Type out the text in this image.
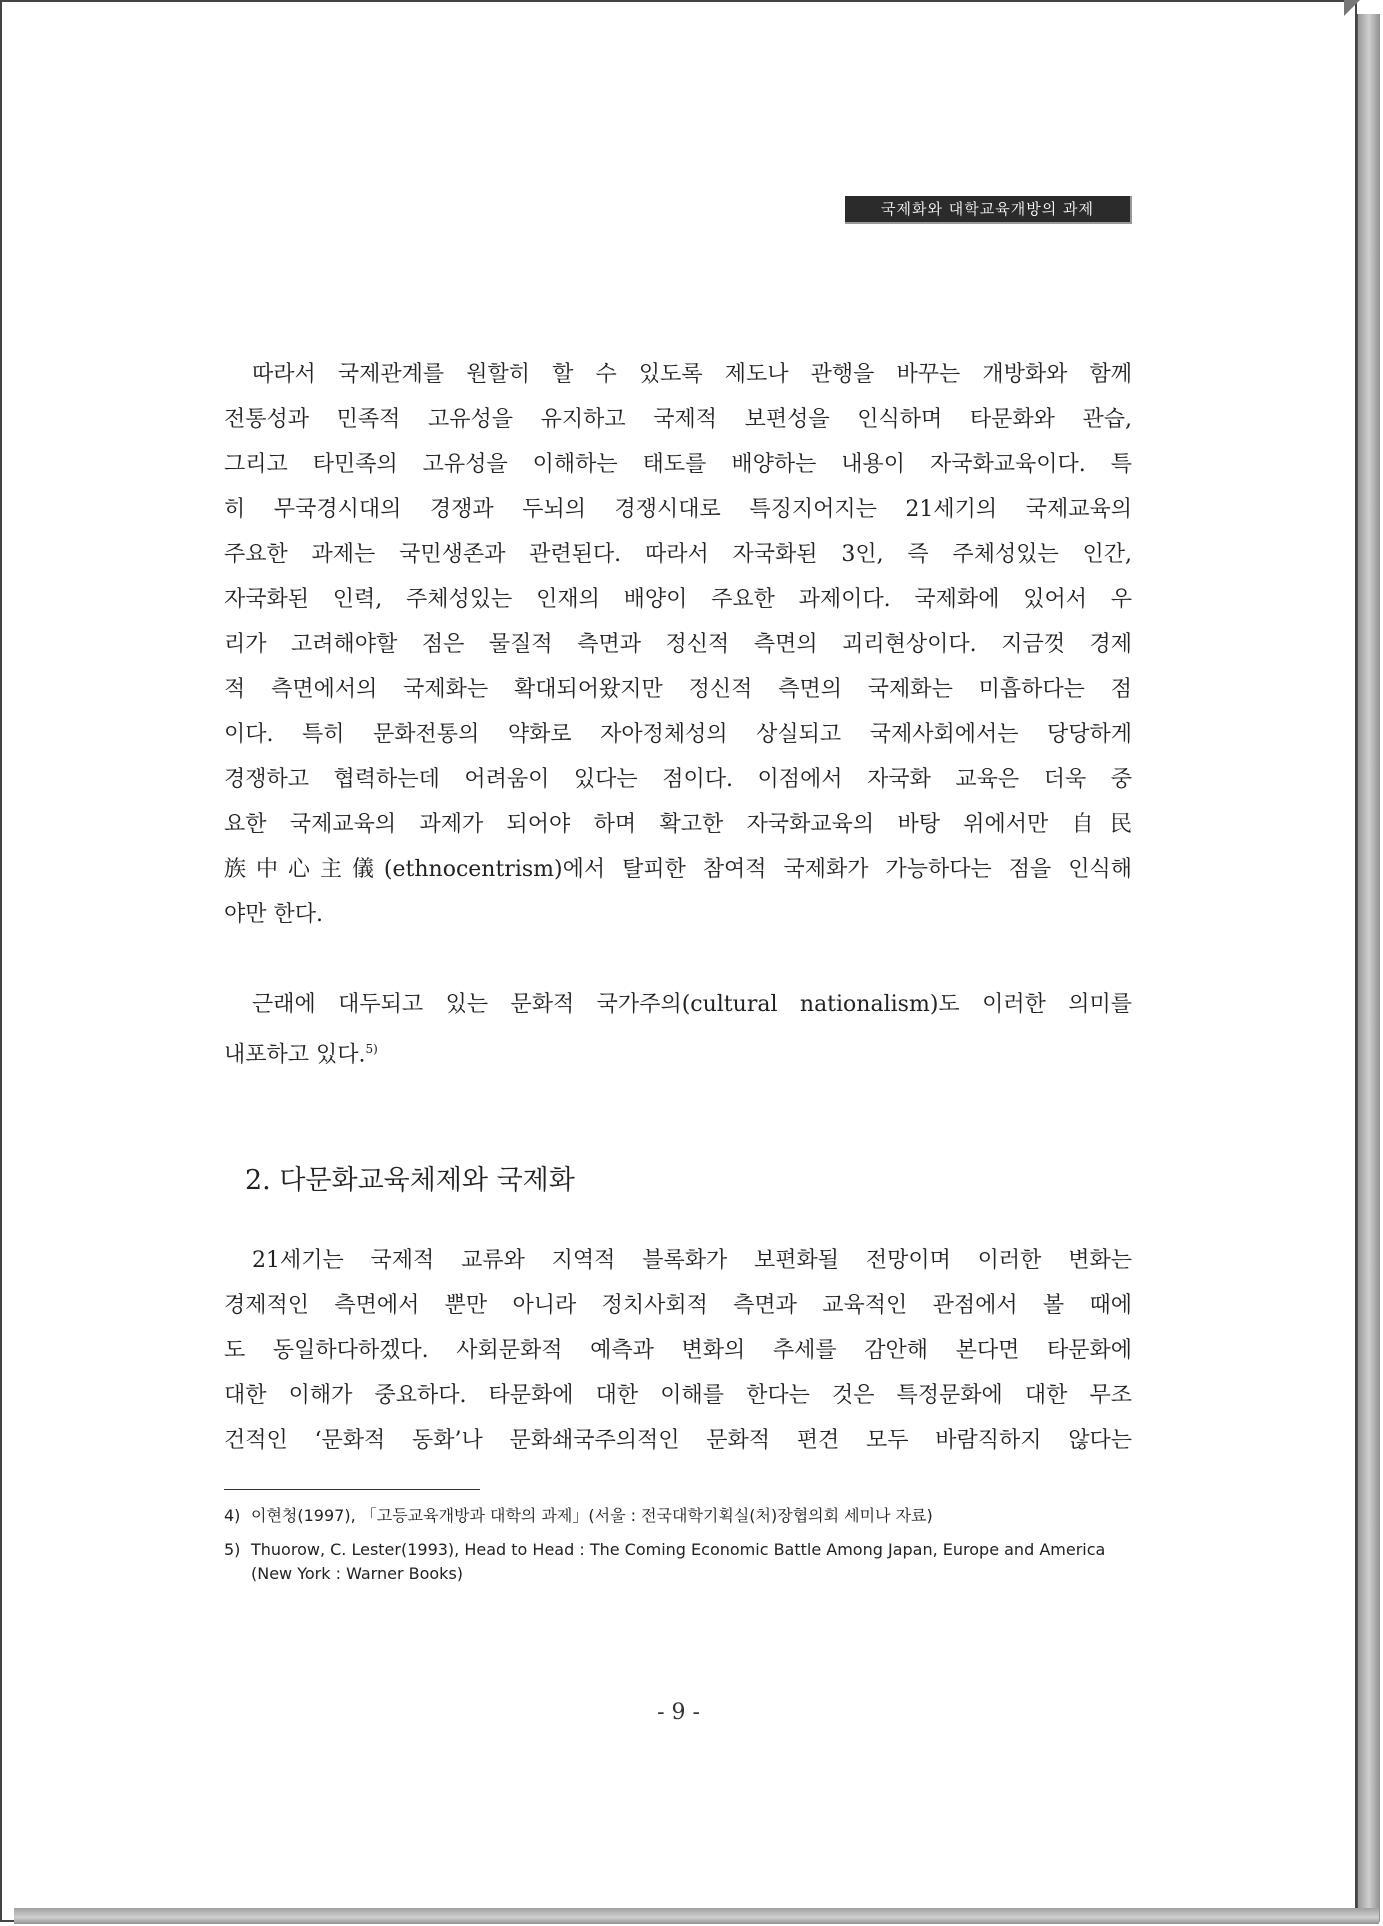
국제화와 대학교육개방의 과제
따라서 국제관계를 원할히 할 수 있도록 제도나 관행을 바꾸는 개방화와 함께
전통성과 민족적 고유성을 유지하고 국제적 보편성을 인식하며 타문화와 관습,
그리고 타민족의 고유성을 이해하는 태도를 배양하는 내용이 자국화교육이다. 특
히 무국경시대의 경쟁과 두뇌의 경쟁시대로 특징지어지는 21세기의 국제교육의
주요한 과제는 국민생존과 관련된다. 따라서 자국화된 3인, 즉 주체성있는 인간,
자국화된 인력, 주체성있는 인재의 배양이 주요한 과제이다. 국제화에 있어서 우
리가 고려해야할 점은 물질적 측면과 정신적 측면의 괴리현상이다. 지금껏 경제
적 측면에서의 국제화는 확대되어왔지만 정신적 측면의 국제화는 미흡하다는 점
이다. 특히 문화전통의 약화로 자아정체성의 상실되고 국제사회에서는 당당하게
경쟁하고 협력하는데 어려움이 있다는 점이다. 이점에서 자국화 교육은 더욱 중
요한 국제교육의 과제가 되어야 하며 확고한 자국화교육의 바탕 위에서만 自民
族中心主儀(ethnocentrism)에서 탈피한 참여적 국제화가 가능하다는 점을 인식해
야만 한다.
근래에 대두되고 있는 문화적 국가주의(cultural nationalism)도 이러한 의미를
내포하고 있다.$^{5)}$
2. 다문화교육체제와 국제화
21세기는 국제적 교류와 지역적 블록화가 보편화될 전망이며 이러한 변화는
경제적인 측면에서 뿐만 아니라 정치사회적 측면과 교육적인 관점에서 볼 때에
도 동일하다하겠다. 사회문화적 예측과 변화의 추세를 감안해 본다면 타문화에
대한 이해가 중요하다. 타문화에 대한 이해를 한다는 것은 특정문화에 대한 무조
건적인 ‘문화적 동화’나 문화쇄국주의적인 문화적 편견 모두 바람직하지 않다는
4) 이현청(1997), 「고등교육개방과 대학의 과제」(서울 : 전국대학기획실(처)장협의회 세미나 자료)
5) Thuorow, C. Lester(1993), Head to Head : The Coming Economic Battle Among Japan, Europe and America
(New York : Warner Books)
- 9 -
